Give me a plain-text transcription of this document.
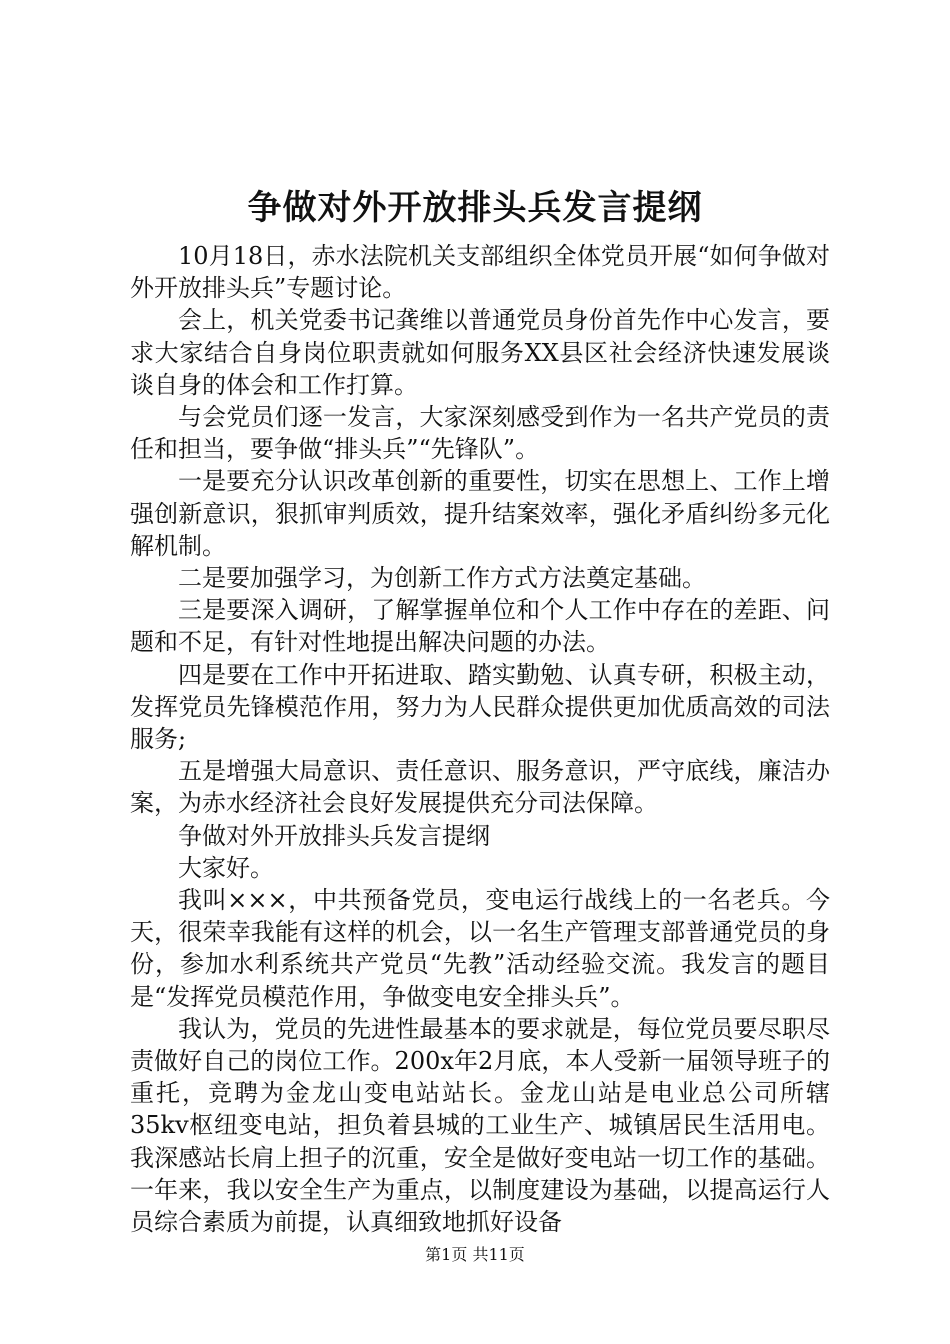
争做对外开放排头兵发言提纲

10月18日，赤水法院机关支部组织全体党员开展“如何争做对外开放排头兵”专题讨论。

会上，机关党委书记龚维以普通党员身份首先作中心发言，要求大家结合自身岗位职责就如何服务XX县区社会经济快速发展谈谈自身的体会和工作打算。

与会党员们逐一发言，大家深刻感受到作为一名共产党员的责任和担当，要争做“排头兵”“先锋队”。

一是要充分认识改革创新的重要性，切实在思想上、工作上增强创新意识，狠抓审判质效，提升结案效率，强化矛盾纠纷多元化解机制。

二是要加强学习，为创新工作方式方法奠定基础。

三是要深入调研，了解掌握单位和个人工作中存在的差距、问题和不足，有针对性地提出解决问题的办法。

四是要在工作中开拓进取、踏实勤勉、认真专研，积极主动，发挥党员先锋模范作用，努力为人民群众提供更加优质高效的司法服务;

五是增强大局意识、责任意识、服务意识，严守底线，廉洁办案，为赤水经济社会良好发展提供充分司法保障。

争做对外开放排头兵发言提纲

大家好。

我叫×××，中共预备党员，变电运行战线上的一名老兵。今天，很荣幸我能有这样的机会，以一名生产管理支部普通党员的身份，参加水利系统共产党员“先教”活动经验交流。我发言的题目是“发挥党员模范作用，争做变电安全排头兵”。

我认为，党员的先进性最基本的要求就是，每位党员要尽职尽责做好自己的岗位工作。200x年2月底，本人受新一届领导班子的重托，竞聘为金龙山变电站站长。金龙山站是电业总公司所辖35kv枢纽变电站，担负着县城的工业生产、城镇居民生活用电。我深感站长肩上担子的沉重，安全是做好变电站一切工作的基础。一年来，我以安全生产为重点，以制度建设为基础，以提高运行人员综合素质为前提，认真细致地抓好设备

第1页 共11页
